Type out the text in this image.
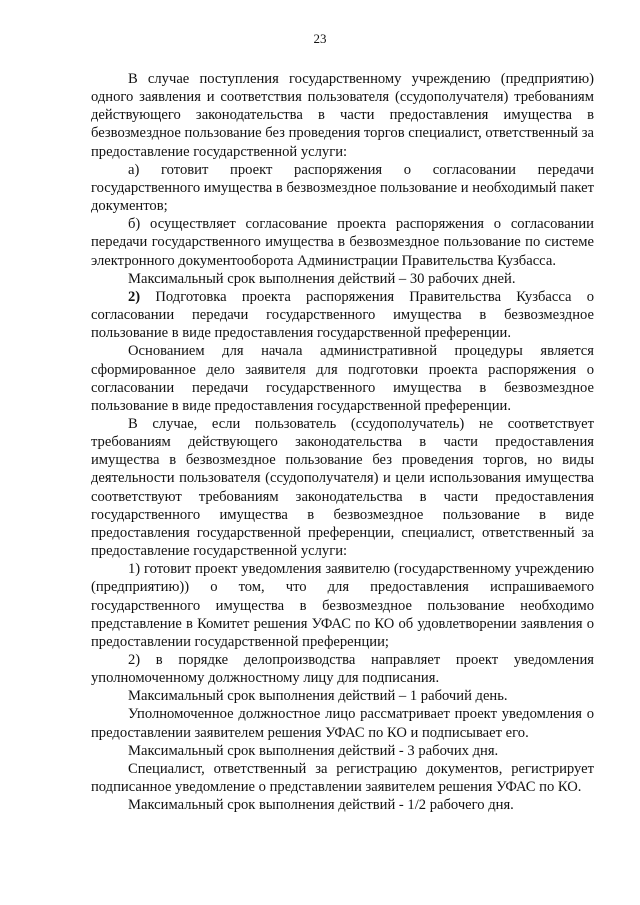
23

В случае поступления государственному учреждению (предприятию) одного заявления и соответствия пользователя (ссудополучателя) требованиям действующего законодательства в части предоставления имущества в безвозмездное пользование без проведения торгов специалист, ответственный за предоставление государственной услуги:

а) готовит проект распоряжения о согласовании передачи государственного имущества в безвозмездное пользование и необходимый пакет документов;

б) осуществляет согласование проекта распоряжения о согласовании передачи государственного имущества в безвозмездное пользование по системе электронного документооборота Администрации Правительства Кузбасса.

Максимальный срок выполнения действий – 30 рабочих дней.

2) Подготовка проекта распоряжения Правительства Кузбасса о согласовании передачи государственного имущества в безвозмездное пользование в виде предоставления государственной преференции.

Основанием для начала административной процедуры является сформированное дело заявителя для подготовки проекта распоряжения о согласовании передачи государственного имущества в безвозмездное пользование в виде предоставления государственной преференции.

В случае, если пользователь (ссудополучатель) не соответствует требованиям действующего законодательства в части предоставления имущества в безвозмездное пользование без проведения торгов, но виды деятельности пользователя (ссудополучателя) и цели использования имущества соответствуют требованиям законодательства в части предоставления государственного имущества в безвозмездное пользование в виде предоставления государственной преференции, специалист, ответственный за предоставление государственной услуги:

1) готовит проект уведомления заявителю (государственному учреждению (предприятию)) о том, что для предоставления испрашиваемого государственного имущества в безвозмездное пользование необходимо представление в Комитет решения УФАС по КО об удовлетворении заявления о предоставлении государственной преференции;

2) в порядке делопроизводства направляет проект уведомления уполномоченному должностному лицу для подписания.

Максимальный срок выполнения действий – 1 рабочий день.

Уполномоченное должностное лицо рассматривает проект уведомления о предоставлении заявителем решения УФАС по КО и подписывает его.

Максимальный срок выполнения действий - 3 рабочих дня.

Специалист, ответственный за регистрацию документов, регистрирует подписанное уведомление о представлении заявителем решения УФАС по КО.

Максимальный срок выполнения действий - 1/2 рабочего дня.
